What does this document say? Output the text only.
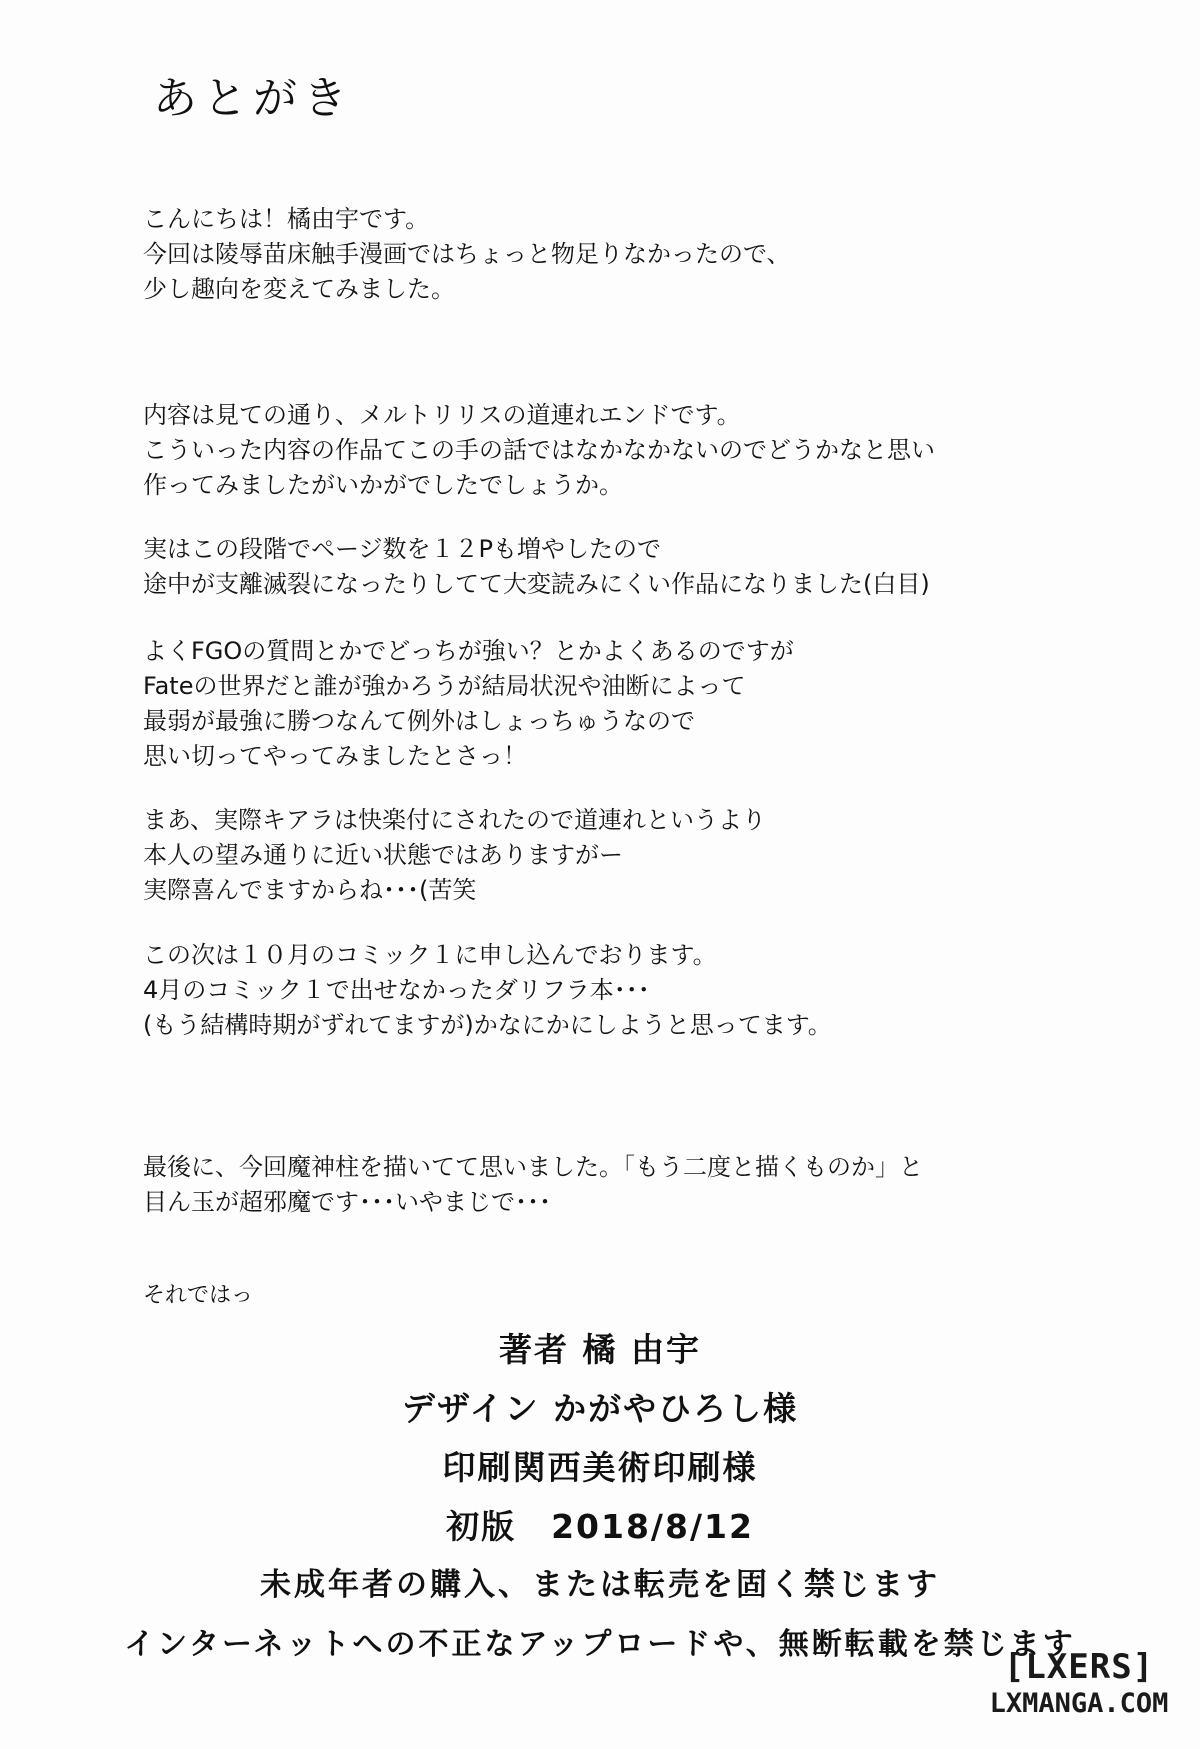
あとがき
こんにちは！橘由宇です。
今回は陵辱苗床触手漫画ではちょっと物足りなかったので、
少し趣向を変えてみました。
内容は見ての通り、メルトリリスの道連れエンドです。
こういった内容の作品てこの手の話ではなかなかないのでどうかなと思い
作ってみましたがいかがでしたでしょうか。
実はこの段階でページ数を１２Pも増やしたので
途中が支離滅裂になったりしてて大変読みにくい作品になりました(白目)
よくFGOの質問とかでどっちが強い？とかよくあるのですが
Fateの世界だと誰が強かろうが結局状況や油断によって
最弱が最強に勝つなんて例外はしょっちゅうなので
思い切ってやってみましたとさっ！
まあ、実際キアラは快楽付にされたので道連れというより
本人の望み通りに近い状態ではありますがー
実際喜んでますからね･･･(苦笑
この次は１０月のコミック１に申し込んでおります。
4月のコミック１で出せなかったダリフラ本･･･
(もう結構時期がずれてますが)かなにかにしようと思ってます。
最後に、今回魔神柱を描いてて思いました。「もう二度と描くものか」と
目ん玉が超邪魔です･･･いやまじで･･･
それではっ
著者 橘 由宇
デザイン かがやひろし様
印刷関西美術印刷様
初版　2018/8/12
未成年者の購入、または転売を固く禁じます
インターネットへの不正なアップロードや、無断転載を禁じます
[LXERS]
LXMANGA.COM
